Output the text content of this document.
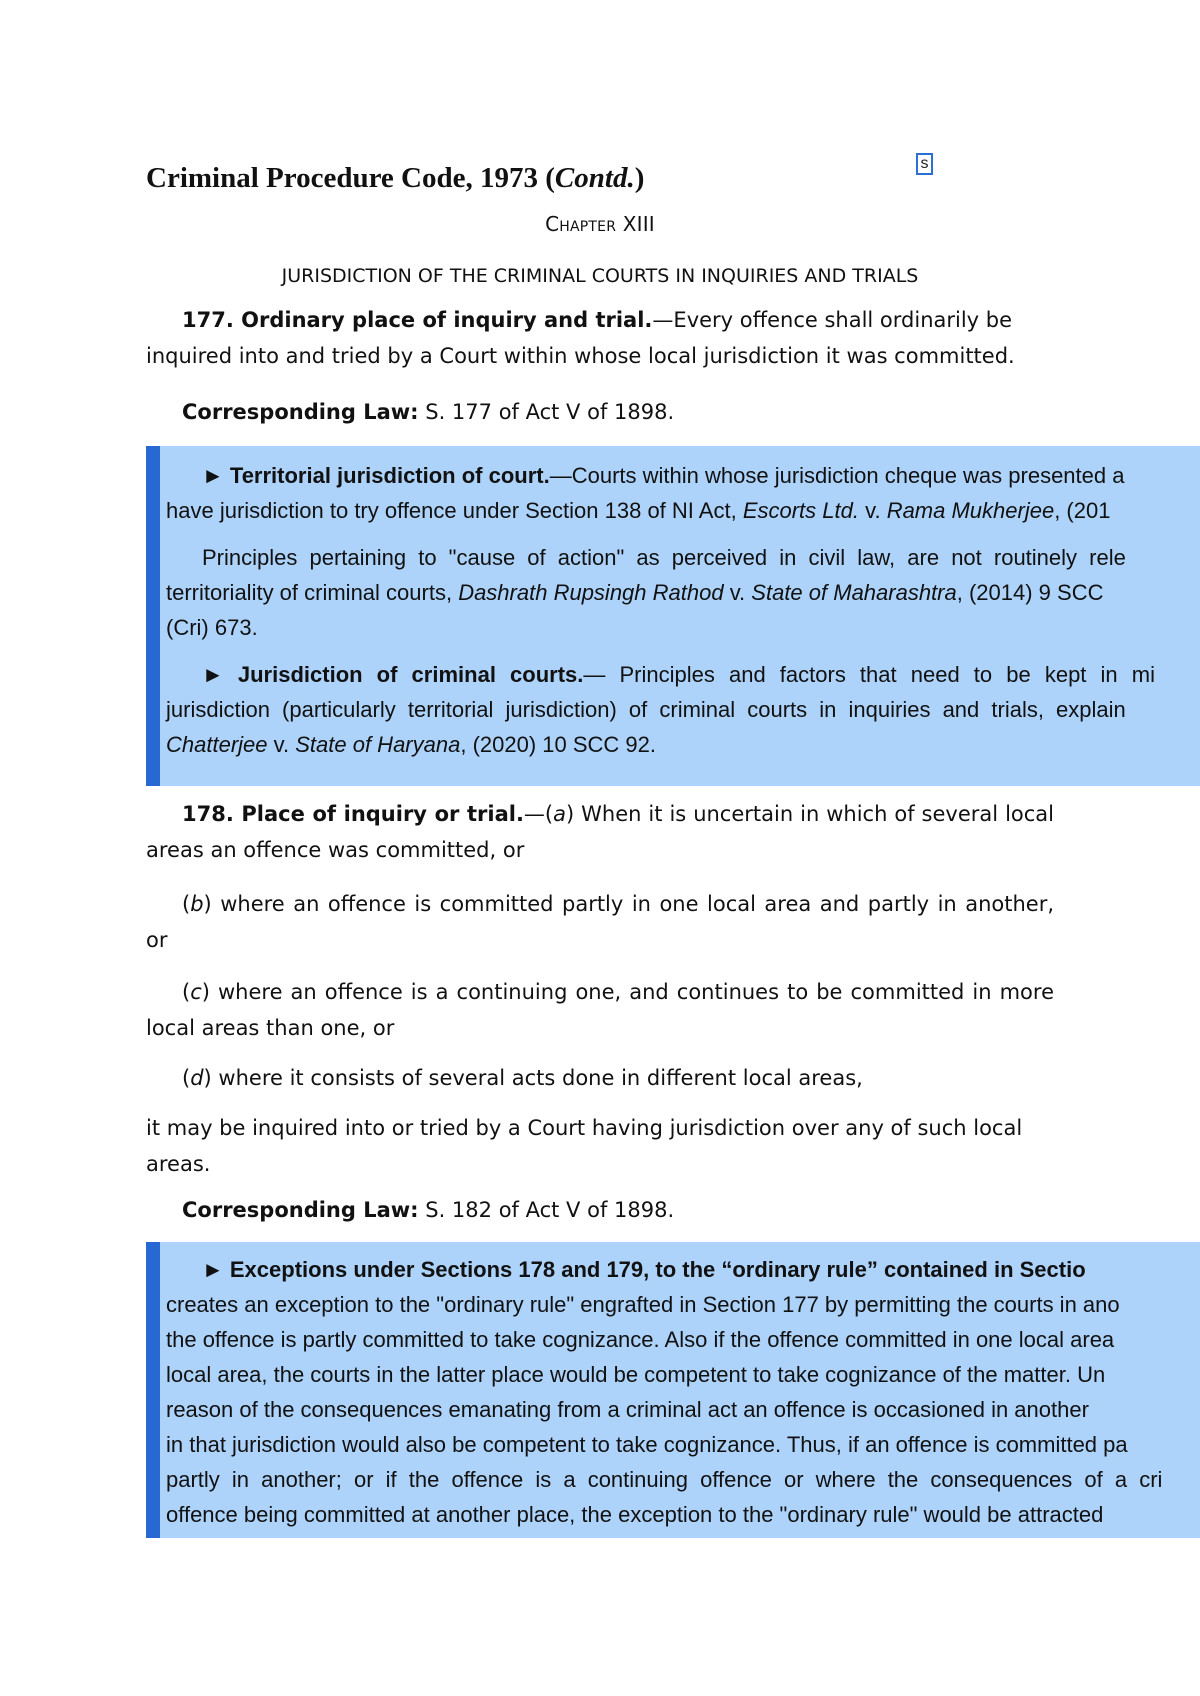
s
Criminal Procedure Code, 1973 (Contd.)
Chapter XIII
JURISDICTION OF THE CRIMINAL COURTS IN INQUIRIES AND TRIALS

177. Ordinary place of inquiry and trial.—Every offence shall ordinarily be inquired into and tried by a Court within whose local jurisdiction it was committed.

Corresponding Law: S. 177 of Act V of 1898.

► Territorial jurisdiction of court.—Courts within whose jurisdiction cheque was presented a

have jurisdiction to try offence under Section 138 of NI Act, Escorts Ltd. v. Rama Mukherjee, (201

Principles pertaining to "cause of action" as perceived in civil law, are not routinely rele

territoriality of criminal courts, Dashrath Rupsingh Rathod v. State of Maharashtra, (2014) 9 SCC

(Cri) 673.

► Jurisdiction of criminal courts.— Principles and factors that need to be kept in mi

jurisdiction (particularly territorial jurisdiction) of criminal courts in inquiries and trials, explain

Chatterjee v. State of Haryana, (2020) 10 SCC 92.

178. Place of inquiry or trial.—(a) When it is uncertain in which of several local areas an offence was committed, or

(b) where an offence is committed partly in one local area and partly in another, or

(c) where an offence is a continuing one, and continues to be committed in more local areas than one, or

(d) where it consists of several acts done in different local areas,

it may be inquired into or tried by a Court having jurisdiction over any of such local areas.

Corresponding Law: S. 182 of Act V of 1898.

► Exceptions under Sections 178 and 179, to the “ordinary rule” contained in Sectio

creates an exception to the "ordinary rule" engrafted in Section 177 by permitting the courts in ano

the offence is partly committed to take cognizance. Also if the offence committed in one local area

local area, the courts in the latter place would be competent to take cognizance of the matter. Un

reason of the consequences emanating from a criminal act an offence is occasioned in another

in that jurisdiction would also be competent to take cognizance. Thus, if an offence is committed pa

partly in another; or if the offence is a continuing offence or where the consequences of a cri

offence being committed at another place, the exception to the "ordinary rule" would be attracted
